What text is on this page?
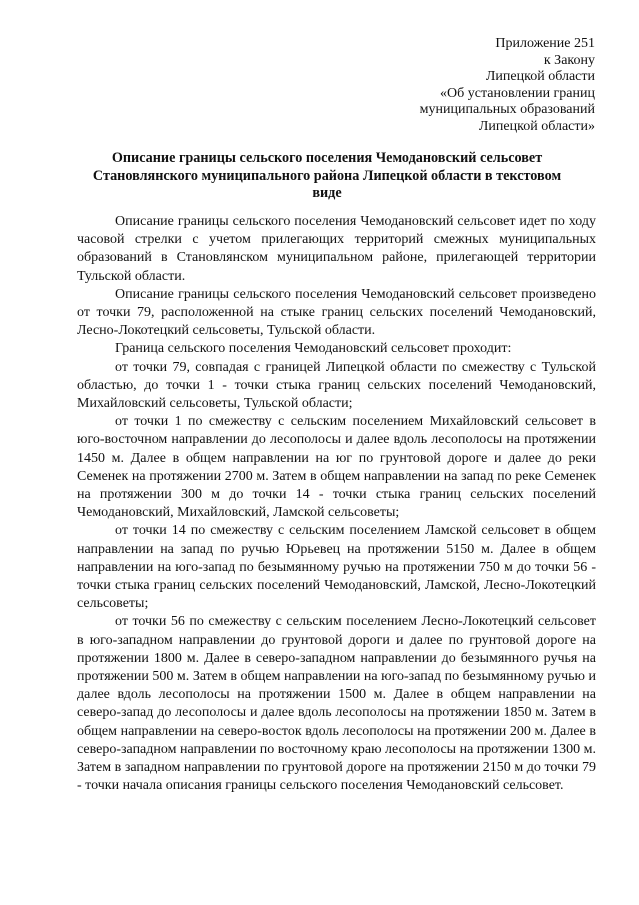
Приложение 251
к Закону
Липецкой области
«Об установлении границ
муниципальных образований
Липецкой области»
Описание границы сельского поселения Чемодановский сельсовет Становлянского муниципального района Липецкой области в текстовом виде

Описание границы сельского поселения Чемодановский сельсовет идет по ходу часовой стрелки с учетом прилегающих территорий смежных муниципальных образований в Становлянском муниципальном районе, прилегающей территории Тульской области.

Описание границы сельского поселения Чемодановский сельсовет произведено от точки 79, расположенной на стыке границ сельских поселений Чемодановский, Лесно-Локотецкий сельсоветы, Тульской области.

Граница сельского поселения Чемодановский сельсовет проходит:

от точки 79, совпадая с границей Липецкой области по смежеству с Тульской областью, до точки 1 - точки стыка границ сельских поселений Чемодановский, Михайловский сельсоветы, Тульской области;

от точки 1 по смежеству с сельским поселением Михайловский сельсовет в юго-восточном направлении до лесополосы и далее вдоль лесополосы на протяжении 1450 м. Далее в общем направлении на юг по грунтовой дороге и далее до реки Семенек на протяжении 2700 м. Затем в общем направлении на запад по реке Семенек на протяжении 300 м до точки 14 - точки стыка границ сельских поселений Чемодановский, Михайловский, Ламской сельсоветы;

от точки 14 по смежеству с сельским поселением Ламской сельсовет в общем направлении на запад по ручью Юрьевец на протяжении 5150 м. Далее в общем направлении на юго-запад по безымянному ручью на протяжении 750 м до точки 56 - точки стыка границ сельских поселений Чемодановский, Ламской, Лесно-Локотецкий сельсоветы;

от точки 56 по смежеству с сельским поселением Лесно-Локотецкий сельсовет в юго-западном направлении до грунтовой дороги и далее по грунтовой дороге на протяжении 1800 м. Далее в северо-западном направлении до безымянного ручья на протяжении 500 м. Затем в общем направлении на юго-запад по безымянному ручью и далее вдоль лесополосы на протяжении 1500 м. Далее в общем направлении на северо-запад до лесополосы и далее вдоль лесополосы на протяжении 1850 м. Затем в общем направлении на северо-восток вдоль лесополосы на протяжении 200 м. Далее в северо-западном направлении по восточному краю лесополосы на протяжении 1300 м. Затем в западном направлении по грунтовой дороге на протяжении 2150 м до точки 79 - точки начала описания границы сельского поселения Чемодановский сельсовет.
